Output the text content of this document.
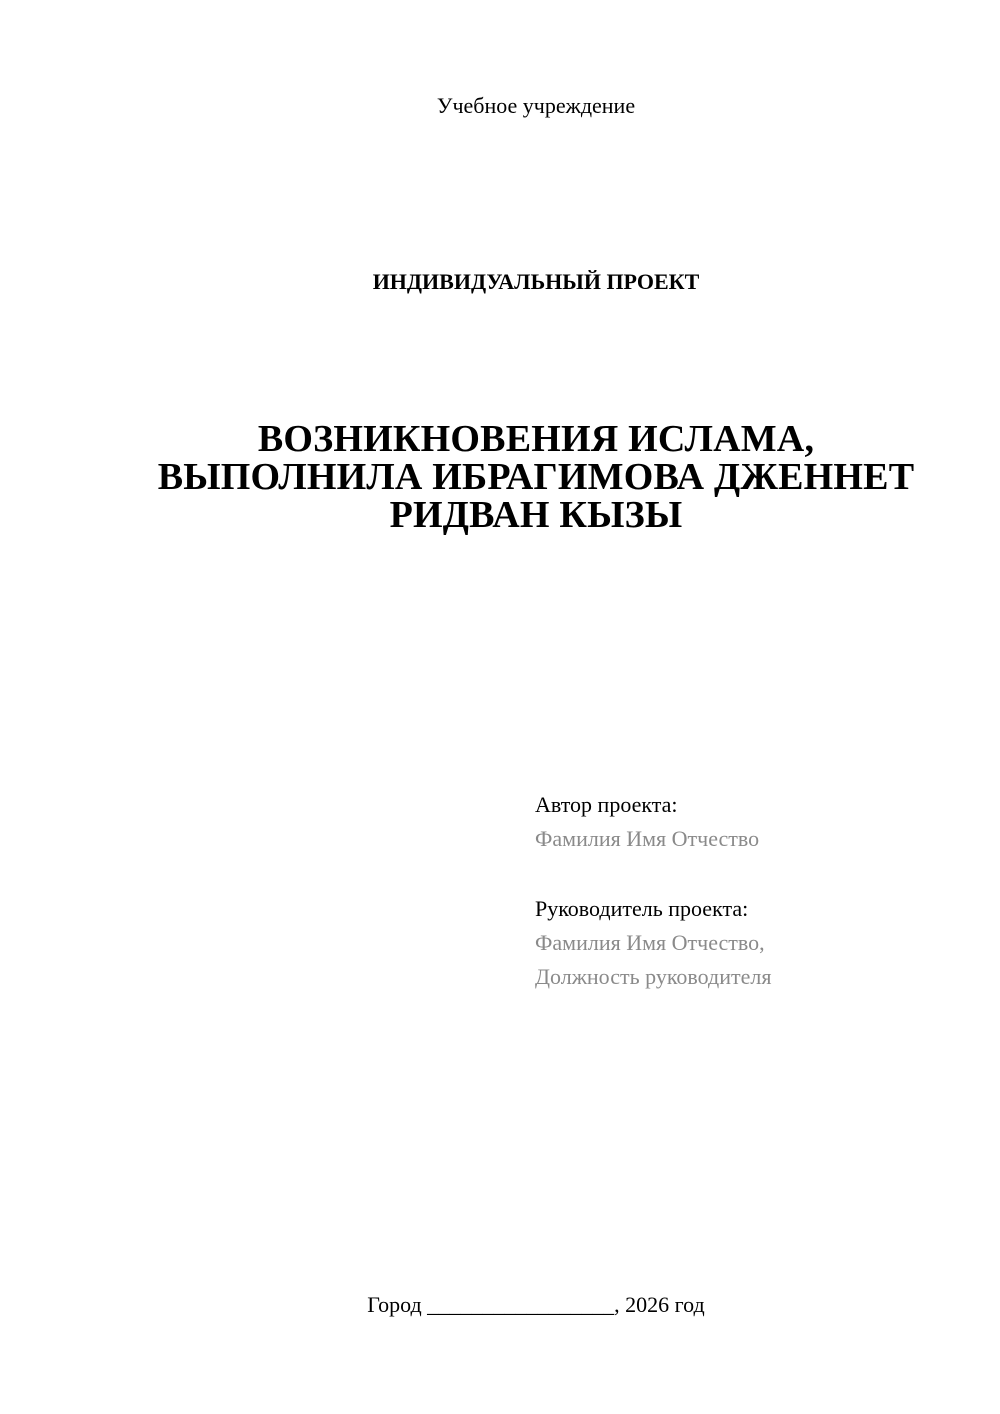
Учебное учреждение
ИНДИВИДУАЛЬНЫЙ ПРОЕКТ
ВОЗНИКНОВЕНИЯ ИСЛАМА,
ВЫПОЛНИЛА ИБРАГИМОВА ДЖЕННЕТ
РИДВАН КЫЗЫ
Автор проекта:
Фамилия Имя Отчество
Руководитель проекта:
Фамилия Имя Отчество,
Должность руководителя
Город _________________, 2026 год
